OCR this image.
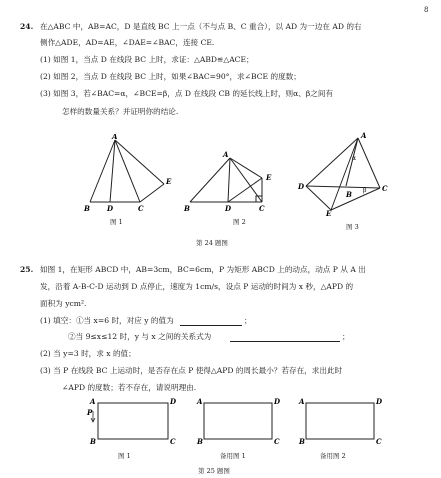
8
24. 在△ABC 中，AB=AC，D 是直线 BC 上一点（不与点 B、C 重合），以 AD 为一边在 AD 的右
侧作△ADE，AD=AE，∠DAE=∠BAC，连接 CE.
(1) 如图 1，当点 D 在线段 BC 上时，求证：△ABD≌△ACE；
(2) 如图 2，当点 D 在线段 BC 上时，如果∠BAC=90°，求∠BCE 的度数；
(3) 如图 3，若∠BAC=α，∠BCE=β，点 D 在线段 CB 的延长线上时，则α、β之间有
怎样的数量关系？并证明你的结论.
A
B D	C
E
图 1
A
B	D	C
E
图 2
α
β
A
D
B
C
E
图 3
第 24 题图
25. 如图 1，在矩形 ABCD 中，AB=3cm，BC=6cm，P 为矩形 ABCD 上的动点，动点 P 从 A 出
发，沿着 A-B-C-D 运动到 D 点停止，速度为 1cm/s，设点 P 运动的时间为 x 秒，△APD 的
面积为 ycm².
(1) 填空：①当 x=6 时，对应 y 的值为	；
②当 9≤x≤12 时，y 与 x 之间的关系式为	；
(2) 当 y=3 时，求 x 的值；
(3) 当 P 在线段 BC 上运动时，是否存在点 P 使得△APD 的周长最小？若存在，求出此时
∠APD 的度数；若不存在，请说明理由.
A	D
P
B	C
图 1
A	D
B	C
备用图 1
A	D
B	C
备用图 2
第 25 题图
